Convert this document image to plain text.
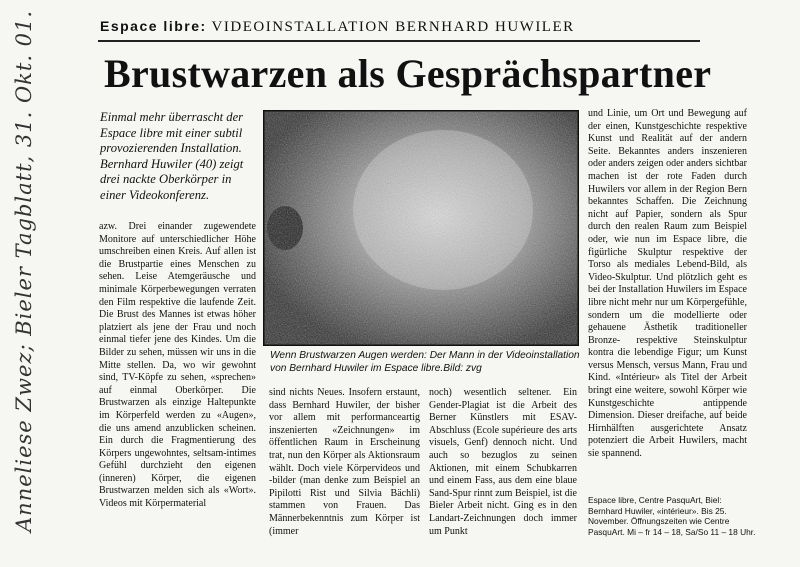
Anneliese Zwez; Bieler Tagblatt, 31. Okt. 01.	Espace libre: VIDEOINSTALLATION BERNHARD HUWILER
Brustwarzen als Gesprächspartner
Einmal mehr überrascht der Espace libre mit einer subtil provozierenden Installation. Bernhard Huwiler (40) zeigt drei nackte Oberkörper in einer Videokonferenz.
azw. Drei einander zugewendete Monitore auf unterschiedlicher Höhe umschreiben einen Kreis. Auf allen ist die Brustpartie eines Menschen zu sehen. Leise Atemgeräusche und minimale Körperbewegungen verraten den Film respektive die laufende Zeit. Die Brust des Mannes ist etwas höher platziert als jene der Frau und noch einmal tiefer jene des Kindes. Um die Bilder zu sehen, müssen wir uns in die Mitte stellen. Da, wo wir gewohnt sind, TV-Köpfe zu sehen, «sprechen» auf einmal Oberkörper. Die Brustwarzen als einzige Haltepunkte im Körperfeld werden zu «Augen», die uns amend anzublicken scheinen. Ein durch die Fragmentierung des Körpers ungewohntes, seltsam-intimes Gefühl durchzieht den eigenen (inneren) Körper, die eigenen Brustwarzen melden sich als «Wort». Videos mit Körpermaterial
Wenn Brustwarzen Augen werden: Der Mann in der Videoinstallation von Bernhard Huwiler im Espace libre.Bild: zvg
sind nichts Neues. Insofern erstaunt, dass Bernhard Huwiler, der bisher vor allem mit performanceartig inszenierten «Zeichnungen» im öffentlichen Raum in Erscheinung trat, nun den Körper als Aktionsraum wählt. Doch viele Körpervideos und -bilder (man denke zum Beispiel an Pipilotti Rist und Silvia Bächli) stammen von Frauen. Das Männerbekenntnis zum Körper ist (immer
noch) wesentlich seltener. Ein Gender-Plagiat ist die Arbeit des Berner Künstlers mit ESAV-Abschluss (Ecole supérieure des arts visuels, Genf) dennoch nicht. Und auch so bezuglos zu seinen Aktionen, mit einem Schubkarren und einem Fass, aus dem eine blaue Sand-Spur rinnt zum Beispiel, ist die Bieler Arbeit nicht. Ging es in den Landart-Zeichnungen doch immer um Punkt
und Linie, um Ort und Bewegung auf der einen, Kunstgeschichte respektive Kunst und Realität auf der andern Seite. Bekanntes anders inszenieren oder anders zeigen oder anders sichtbar machen ist der rote Faden durch Huwilers vor allem in der Region Bern bekanntes Schaffen. Die Zeichnung nicht auf Papier, sondern als Spur durch den realen Raum zum Beispiel oder, wie nun im Espace libre, die figürliche Skulptur respektive der Torso als mediales Lebend-Bild, als Video-Skulptur. Und plötzlich geht es bei der Installation Huwilers im Espace libre nicht mehr nur um Körpergefühle, sondern um die modellierte oder gehauene Ästhetik traditioneller Bronze- respektive Steinskulptur kontra die lebendige Figur; um Kunst versus Mensch, versus Mann, Frau und Kind. «Intérieur» als Titel der Arbeit bringt eine weitere, sowohl Körper wie Kunstgeschichte antippende Dimension. Dieser dreifache, auf beide Hirnhälften ausgerichtete Ansatz potenziert die Arbeit Huwilers, macht sie spannend.
Espace libre, Centre PasquArt, Biel: Bernhard Huwiler, «intérieur». Bis 25. November. Öffnungszeiten wie Centre PasquArt. Mi – fr 14 – 18, Sa/So 11 – 18 Uhr.
